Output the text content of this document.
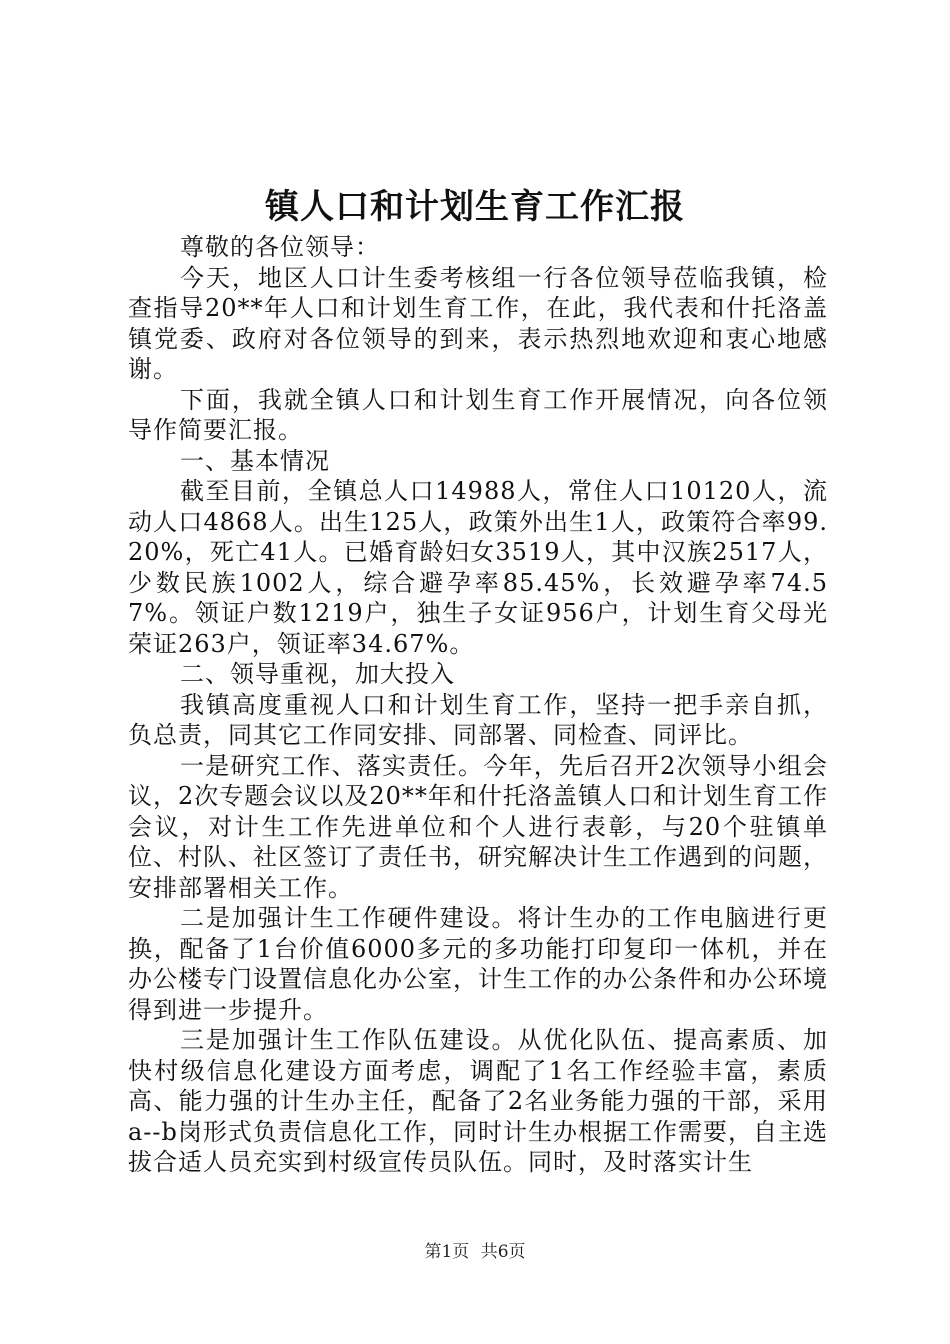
镇人口和计划生育工作汇报

尊敬的各位领导：

今天，地区人口计生委考核组一行各位领导莅临我镇，检查指导20**年人口和计划生育工作，在此，我代表和什托洛盖镇党委、政府对各位领导的到来，表示热烈地欢迎和衷心地感谢。

下面，我就全镇人口和计划生育工作开展情况，向各位领导作简要汇报。

一、基本情况

截至目前，全镇总人口14988人，常住人口10120人，流动人口4868人。出生125人，政策外出生1人，政策符合率99.20%，死亡41人。已婚育龄妇女3519人，其中汉族2517人，少数民族1002人，综合避孕率85.45%，长效避孕率74.57%。领证户数1219户，独生子女证956户，计划生育父母光荣证263户，领证率34.67%。

二、领导重视，加大投入

我镇高度重视人口和计划生育工作，坚持一把手亲自抓，负总责，同其它工作同安排、同部署、同检查、同评比。

一是研究工作、落实责任。今年，先后召开2次领导小组会议，2次专题会议以及20**年和什托洛盖镇人口和计划生育工作会议，对计生工作先进单位和个人进行表彰，与20个驻镇单位、村队、社区签订了责任书，研究解决计生工作遇到的问题，安排部署相关工作。

二是加强计生工作硬件建设。将计生办的工作电脑进行更换，配备了1台价值6000多元的多功能打印复印一体机，并在办公楼专门设置信息化办公室，计生工作的办公条件和办公环境得到进一步提升。

三是加强计生工作队伍建设。从优化队伍、提高素质、加快村级信息化建设方面考虑，调配了1名工作经验丰富，素质高、能力强的计生办主任，配备了2名业务能力强的干部，采用a--b岗形式负责信息化工作，同时计生办根据工作需要，自主选拔合适人员充实到村级宣传员队伍。同时，及时落实计生

第1页 共6页
